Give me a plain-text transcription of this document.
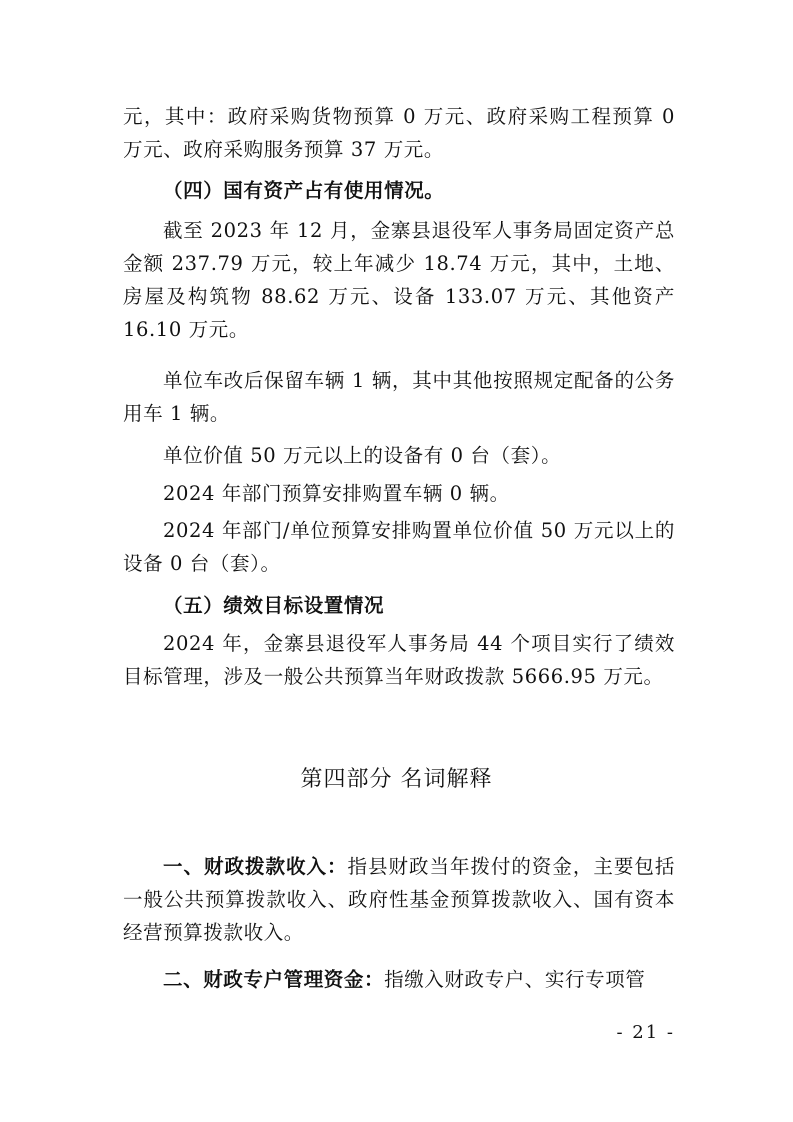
元，其中：政府采购货物预算 0 万元、政府采购工程预算 0 万元、政府采购服务预算 37 万元。

（四）国有资产占有使用情况。

截至 2023 年 12 月，金寨县退役军人事务局固定资产总金额 237.79 万元，较上年减少 18.74 万元，其中，土地、房屋及构筑物 88.62 万元、设备 133.07 万元、其他资产 16.10 万元。

单位车改后保留车辆 1 辆，其中其他按照规定配备的公务用车 1 辆。

单位价值 50 万元以上的设备有 0 台（套）。

2024 年部门预算安排购置车辆 0 辆。

2024 年部门/单位预算安排购置单位价值 50 万元以上的设备 0 台（套）。

（五）绩效目标设置情况

2024 年，金寨县退役军人事务局 44 个项目实行了绩效目标管理，涉及一般公共预算当年财政拨款 5666.95 万元。

第四部分 名词解释

一、财政拨款收入：指县财政当年拨付的资金，主要包括一般公共预算拨款收入、政府性基金预算拨款收入、国有资本经营预算拨款收入。

二、财政专户管理资金：指缴入财政专户、实行专项管

- 21 -
